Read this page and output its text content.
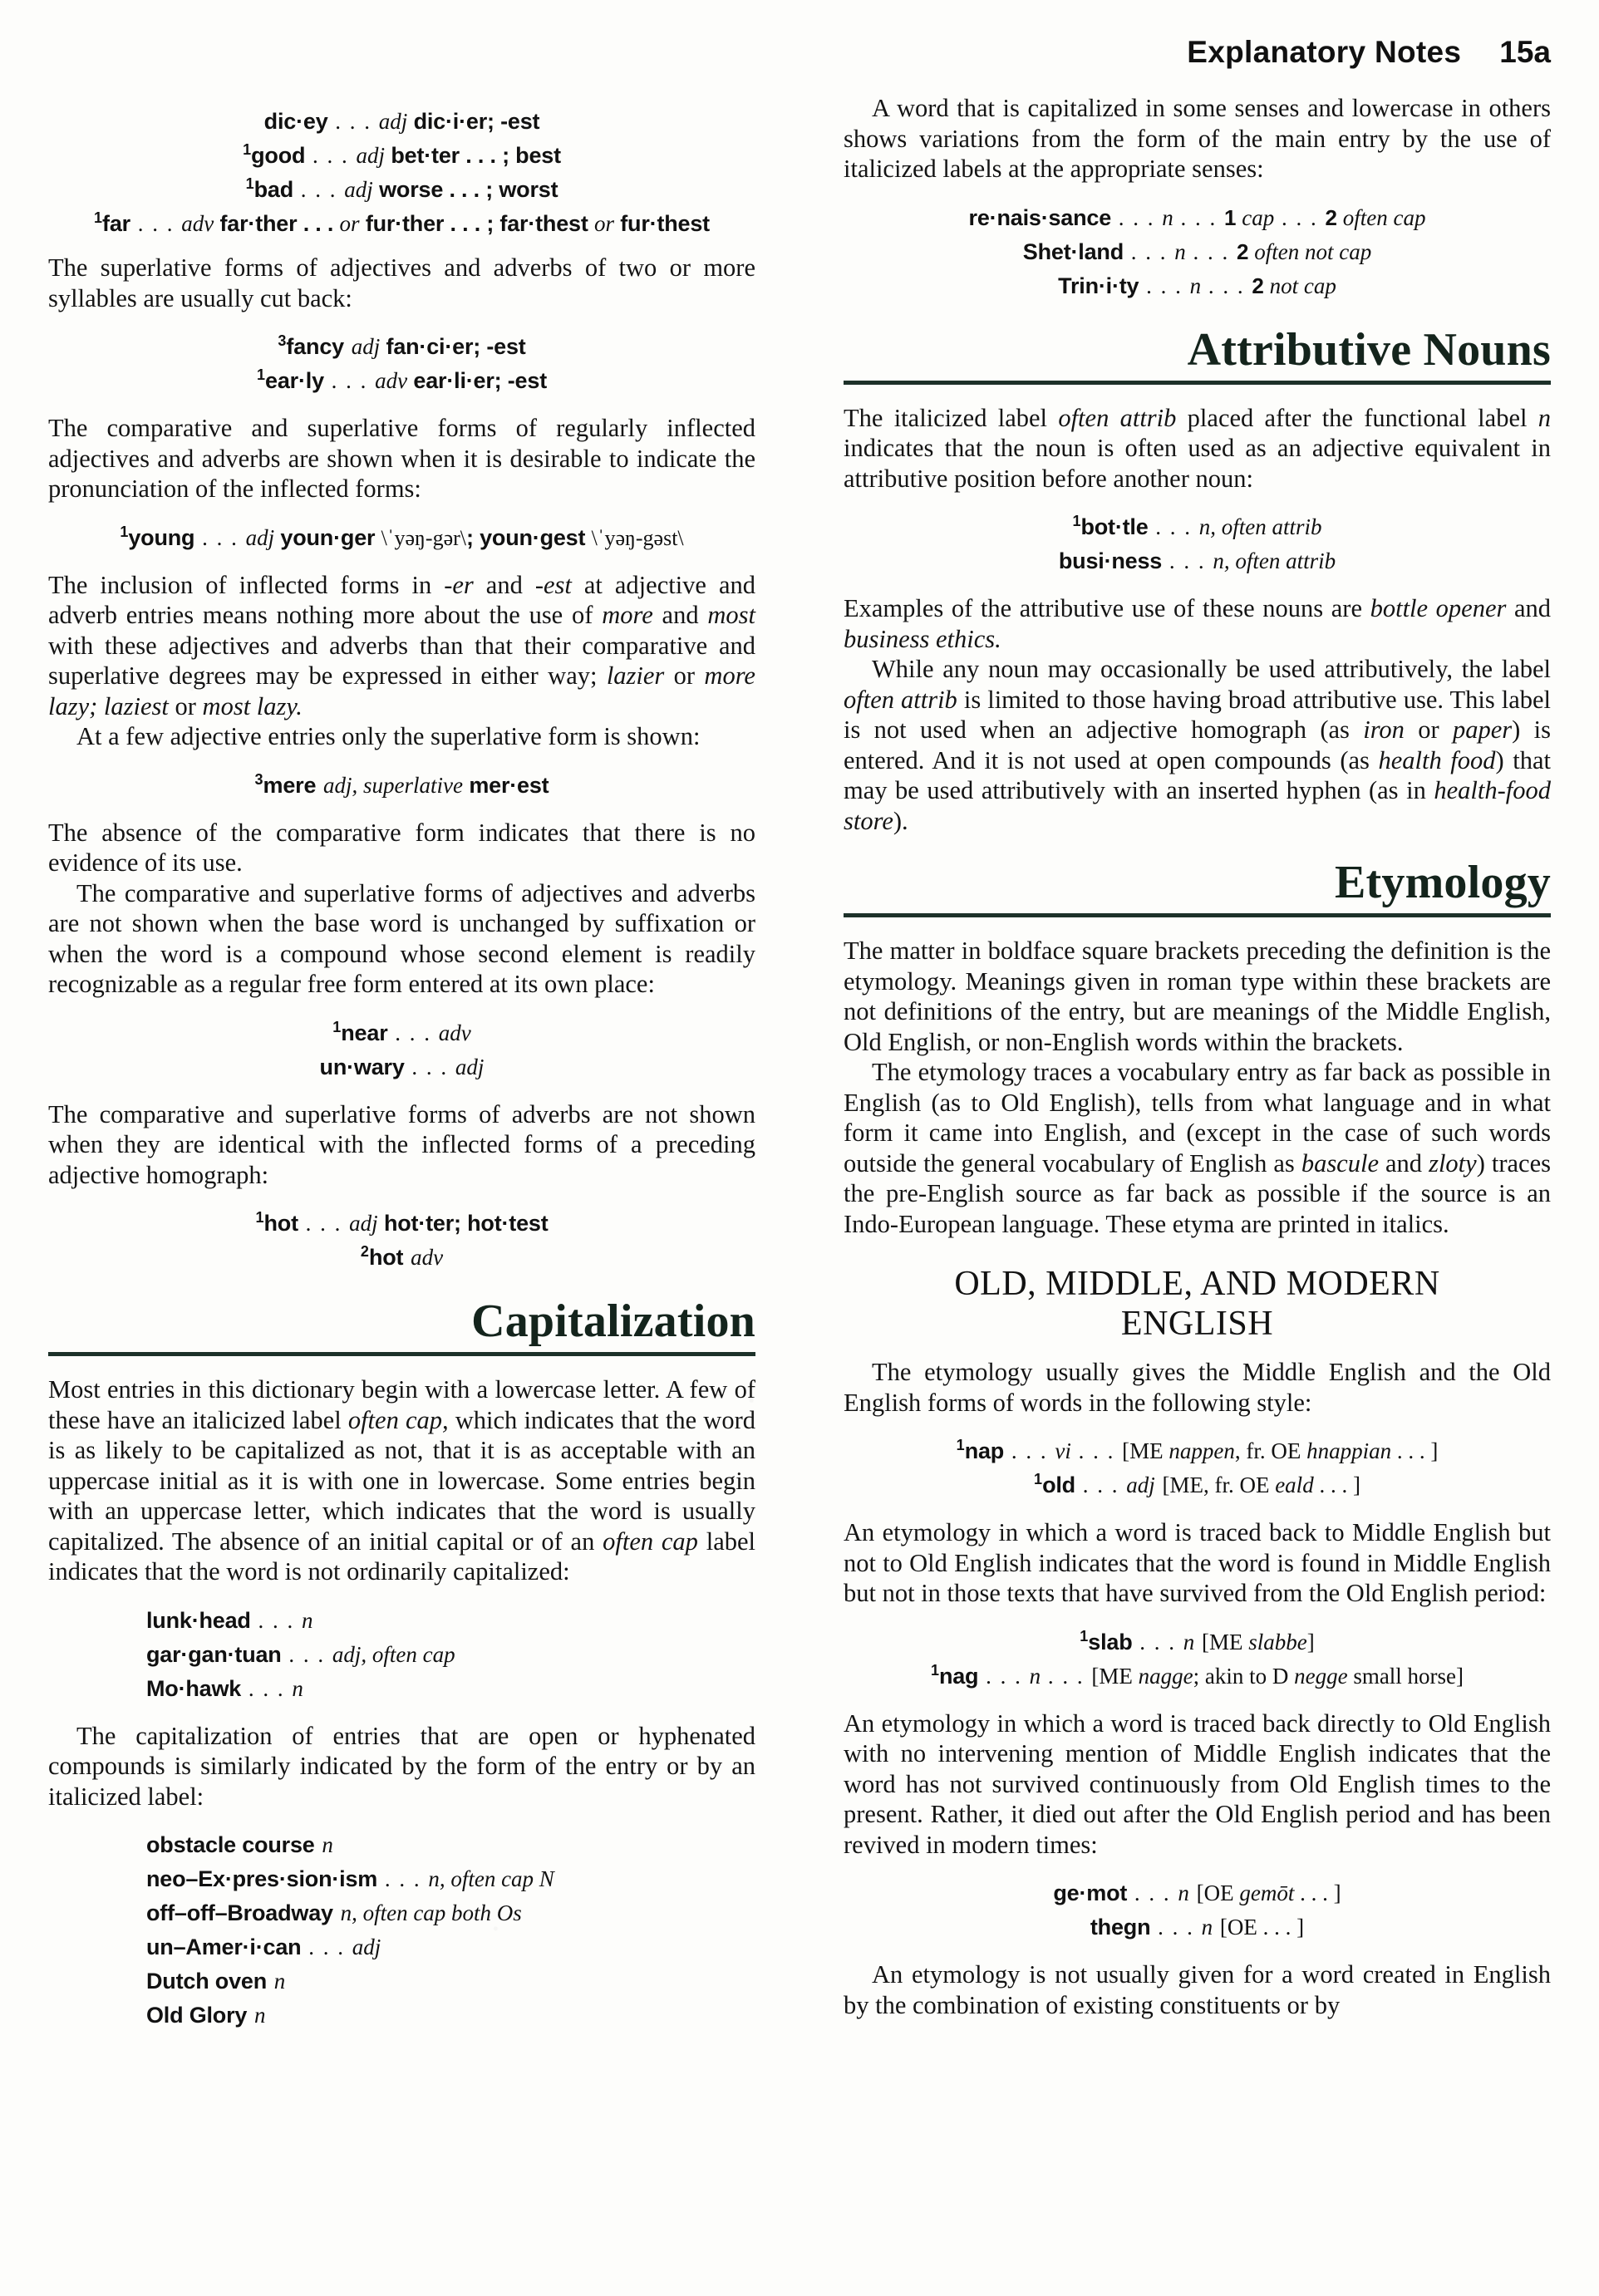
Explanatory Notes 15a
dic·ey . . . adj dic·i·er; -est
$^1$good . . . adj bet·ter . . . ; best
$^1$bad . . . adj worse . . . ; worst
$^1$far . . . adv far·ther . . . or fur·ther . . . ; far·thest or fur·thest

The superlative forms of adjectives and adverbs of two or more syllables are usually cut back:

$^3$fancy adj fan·ci·er; -est
$^1$ear·ly . . . adv ear·li·er; -est

The comparative and superlative forms of regularly inflected adjectives and adverbs are shown when it is desirable to indicate the pronunciation of the inflected forms:

$^1$young . . . adj youn·ger \ˈyəŋ-gər\; youn·gest \ˈyəŋ-gəst\

The inclusion of inflected forms in -er and -est at adjective and adverb entries means nothing more about the use of more and most with these adjectives and adverbs than that their comparative and superlative degrees may be expressed in either way; lazier or more lazy; laziest or most lazy.

At a few adjective entries only the superlative form is shown:

$^3$mere adj, superlative mer·est

The absence of the comparative form indicates that there is no evidence of its use.

The comparative and superlative forms of adjectives and adverbs are not shown when the base word is unchanged by suffixation or when the word is a compound whose second element is readily recognizable as a regular free form entered at its own place:

$^1$near . . . adv
un·wary . . . adj

The comparative and superlative forms of adverbs are not shown when they are identical with the inflected forms of a preceding adjective homograph:

$^1$hot . . . adj hot·ter; hot·test
$^2$hot adv
Capitalization

Most entries in this dictionary begin with a lowercase letter. A few of these have an italicized label often cap, which indicates that the word is as likely to be capitalized as not, that it is as acceptable with an uppercase initial as it is with one in lowercase. Some entries begin with an uppercase letter, which indicates that the word is usually capitalized. The absence of an initial capital or of an often cap label indicates that the word is not ordinarily capitalized:

lunk·head . . . n
gar·gan·tuan . . . adj, often cap
Mo·hawk . . . n

The capitalization of entries that are open or hyphenated compounds is similarly indicated by the form of the entry or by an italicized label:

obstacle course n
neo–Ex·pres·sion·ism . . . n, often cap N
off–off–Broadway n, often cap both Os
un–Amer·i·can . . . adj
Dutch oven n
Old Glory n

A word that is capitalized in some senses and lowercase in others shows variations from the form of the main entry by the use of italicized labels at the appropriate senses:

re·nais·sance . . . n . . . 1 cap . . . 2 often cap
Shet·land . . . n . . . 2 often not cap
Trin·i·ty . . . n . . . 2 not cap
Attributive Nouns

The italicized label often attrib placed after the functional label n indicates that the noun is often used as an adjective equivalent in attributive position before another noun:

$^1$bot·tle . . . n, often attrib
busi·ness . . . n, often attrib

Examples of the attributive use of these nouns are bottle opener and business ethics.

While any noun may occasionally be used attributively, the label often attrib is limited to those having broad attributive use. This label is not used when an adjective homograph (as iron or paper) is entered. And it is not used at open compounds (as health food) that may be used attributively with an inserted hyphen (as in health-food store).

Etymology

The matter in boldface square brackets preceding the definition is the etymology. Meanings given in roman type within these brackets are not definitions of the entry, but are meanings of the Middle English, Old English, or non-English words within the brackets.

The etymology traces a vocabulary entry as far back as possible in English (as to Old English), tells from what language and in what form it came into English, and (except in the case of such words outside the general vocabulary of English as bascule and zloty) traces the pre-English source as far back as possible if the source is an Indo‐European language. These etyma are printed in italics.

OLD, MIDDLE, AND MODERN
ENGLISH

The etymology usually gives the Middle English and the Old English forms of words in the following style:

$^1$nap . . . vi . . . [ME nappen, fr. OE hnappian . . . ]
$^1$old . . . adj [ME, fr. OE eald . . . ]

An etymology in which a word is traced back to Middle English but not to Old English indicates that the word is found in Middle English but not in those texts that have survived from the Old English period:

$^1$slab . . . n [ME slabbe]
$^1$nag . . . n . . . [ME nagge; akin to D negge small horse]

An etymology in which a word is traced back directly to Old English with no intervening mention of Middle English indicates that the word has not survived continuously from Old English times to the present. Rather, it died out after the Old English period and has been revived in modern times:

ge·mot . . . n [OE gemōt . . . ]
thegn . . . n [OE . . . ]

An etymology is not usually given for a word created in English by the combination of existing constituents or by
